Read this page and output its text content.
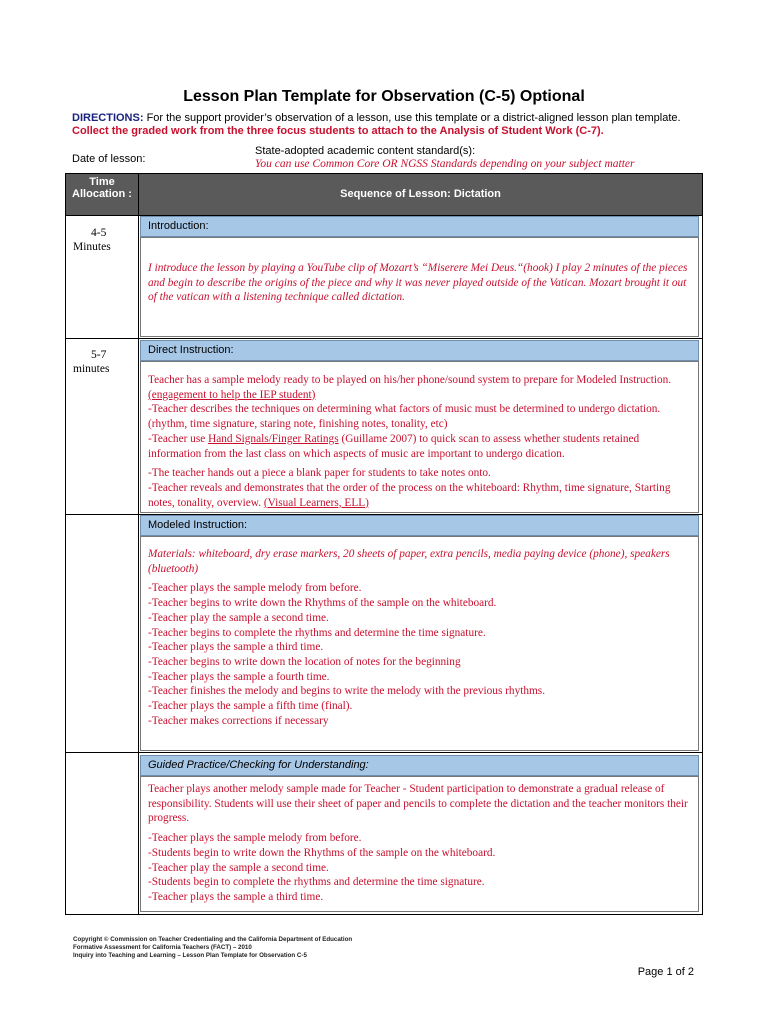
Lesson Plan Template for Observation (C-5) Optional
DIRECTIONS: For the support provider’s observation of a lesson, use this template or a district-aligned lesson plan template. Collect the graded work from the three focus students to attach to the Analysis of Student Work (C-7).
Date of lesson:
State-adopted academic content standard(s):
You can use Common Core OR NGSS Standards depending on your subject matter
Time Allocation :	Sequence of Lesson: Dictation
4-5
Minutes
Introduction:

I introduce the lesson by playing a YouTube clip of Mozart’s “Miserere Mei Deus.“(hook) I play 2 minutes of the pieces and begin to describe the origins of the piece and why it was never played outside of the Vatican. Mozart brought it out of the vatican with a listening technique called dictation.

5-7
minutes
Direct Instruction:

Teacher has a sample melody ready to be played on his/her phone/sound system to prepare for Modeled Instruction. (engagement to help the IEP student)

-Teacher describes the techniques on determining what factors of music must be determined to undergo dictation. (rhythm, time signature, staring note, finishing notes, tonality, etc)

-Teacher use Hand Signals/Finger Ratings (Guillame 2007) to quick scan to assess whether students retained information from the last class on which aspects of music are important to undergo dication.

-The teacher hands out a piece a blank paper for students to take notes onto.

-Teacher reveals and demonstrates that the order of the process on the whiteboard: Rhythm, time signature, Starting notes, tonality, overview. (Visual Learners, ELL)

Modeled Instruction:

Materials: whiteboard, dry erase markers, 20 sheets of paper, extra pencils, media paying device (phone), speakers (bluetooth)

-Teacher plays the sample melody from before.

-Teacher begins to write down the Rhythms of the sample on the whiteboard.

-Teacher play the sample a second time.

-Teacher begins to complete the rhythms and determine the time signature.

-Teacher plays the sample a third time.

-Teacher begins to write down the location of notes for the beginning

-Teacher plays the sample a fourth time.

-Teacher finishes the melody and begins to write the melody with the previous rhythms.

-Teacher plays the sample a fifth time (final).

-Teacher makes corrections if necessary

Guided Practice/Checking for Understanding:

Teacher plays another melody sample made for Teacher - Student participation to demonstrate a gradual release of responsibility. Students will use their sheet of paper and pencils to complete the dictation and the teacher monitors their progress.

-Teacher plays the sample melody from before.

-Students begin to write down the Rhythms of the sample on the whiteboard.

-Teacher play the sample a second time.

-Students begin to complete the rhythms and determine the time signature.

-Teacher plays the sample a third time.

Copyright © Commission on Teacher Credentialing and the California Department of Education
Formative Assessment for California Teachers (FACT) – 2010
Inquiry into Teaching and Learning – Lesson Plan Template for Observation C-5
Page 1 of 2
